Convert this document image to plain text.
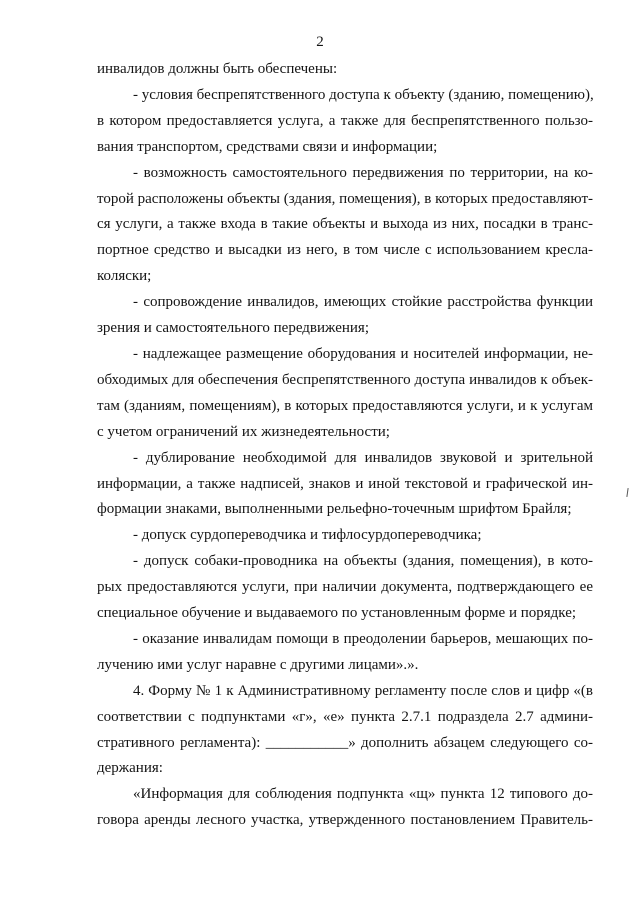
2
инвалидов должны быть обеспечены:
- условия беспрепятственного доступа к объекту (зданию, помещению),
в котором предоставляется услуга, а также для беспрепятственного пользо-
вания транспортом, средствами связи и информации;
- возможность самостоятельного передвижения по территории, на ко-
торой расположены объекты (здания, помещения), в которых предоставляют-
ся услуги, а также входа в такие объекты и выхода из них, посадки в транс-
портное средство и высадки из него, в том числе с использованием кресла-
коляски;
- сопровождение инвалидов, имеющих стойкие расстройства функции
зрения и самостоятельного передвижения;
- надлежащее размещение оборудования и носителей информации, не-
обходимых для обеспечения беспрепятственного доступа инвалидов к объек-
там (зданиям, помещениям), в которых предоставляются услуги, и к услугам
с учетом ограничений их жизнедеятельности;
- дублирование необходимой для инвалидов звуковой и зрительной
информации, а также надписей, знаков и иной текстовой и графической ин-
формации знаками, выполненными рельефно-точечным шрифтом Брайля;
- допуск сурдопереводчика и тифлосурдопереводчика;
- допуск собаки-проводника на объекты (здания, помещения), в кото-
рых предоставляются услуги, при наличии документа, подтверждающего ее
специальное обучение и выдаваемого по установленным форме и порядке;
- оказание инвалидам помощи в преодолении барьеров, мешающих по-
лучению ими услуг наравне с другими лицами».».
4. Форму № 1 к Административному регламенту после слов и цифр «(в
соответствии с подпунктами «г», «е» пункта 2.7.1 подраздела 2.7 админи-
стративного регламента): ___________» дополнить абзацем следующего со-
держания:
«Информация для соблюдения подпункта «щ» пункта 12 типового до-
говора аренды лесного участка, утвержденного постановлением Правитель-
